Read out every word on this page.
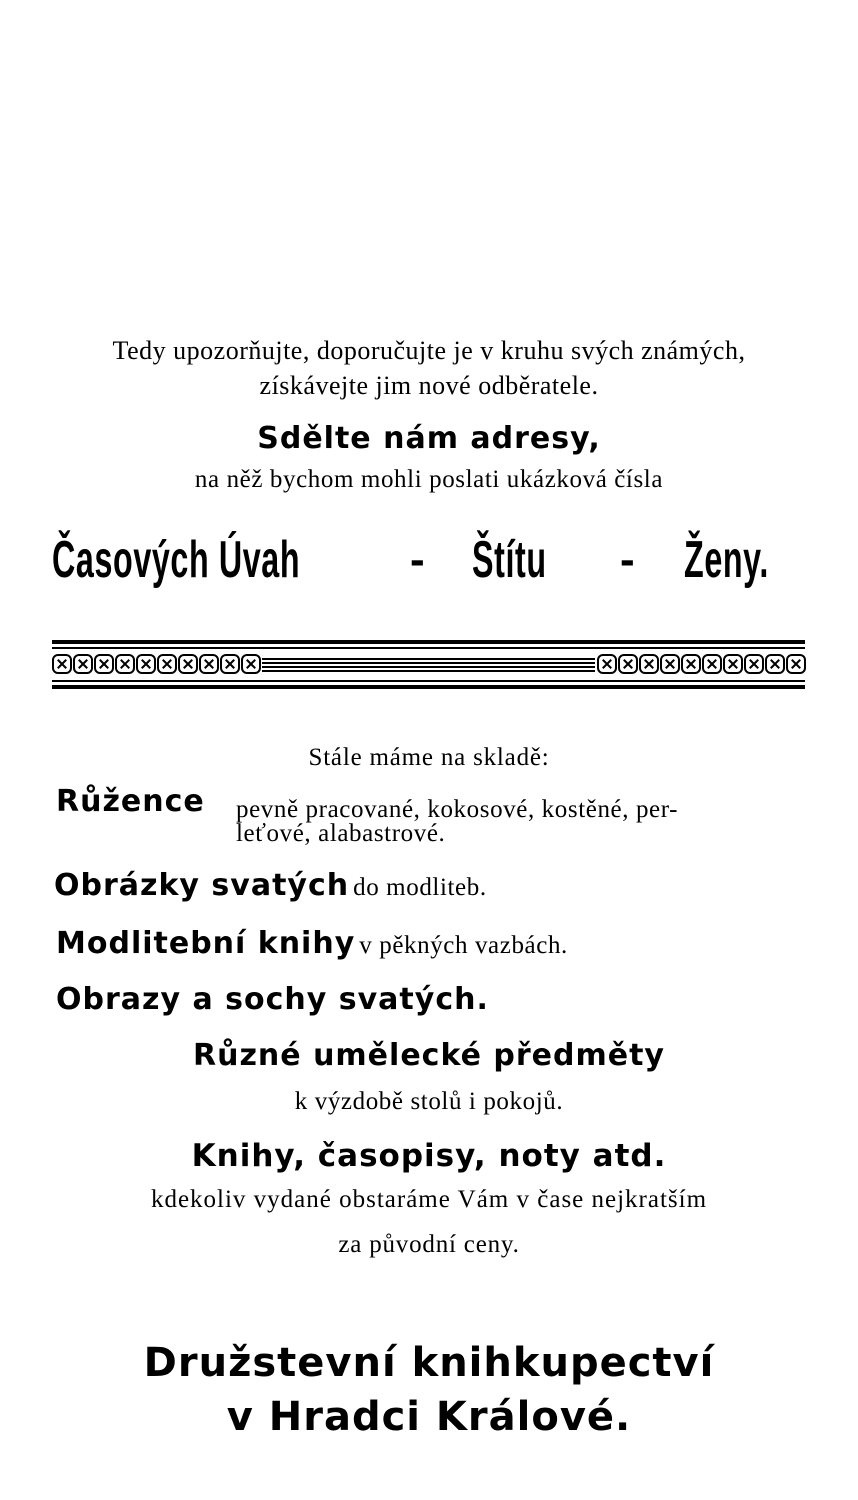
Tedy upozorňujte, doporučujte je v kruhu svých známých,
získávejte jim nové odběratele.
Sdělte nám adresy,
na něž bychom mohli poslati ukázková čísla
Časových Úvah - Štítu - Ženy.
Stále máme na skladě:
Růžence pevně pracované, kokosové, kostěné, per-
leťové, alabastrové.
Obrázky svatých do modliteb.
Modlitební knihy v pěkných vazbách.
Obrazy a sochy svatých.
Různé umělecké předměty
k výzdobě stolů i pokojů.
Knihy, časopisy, noty atd.
kdekoliv vydané obstaráme Vám v čase nejkratším
za původní ceny.
Družstevní knihkupectví
v Hradci Králové.
